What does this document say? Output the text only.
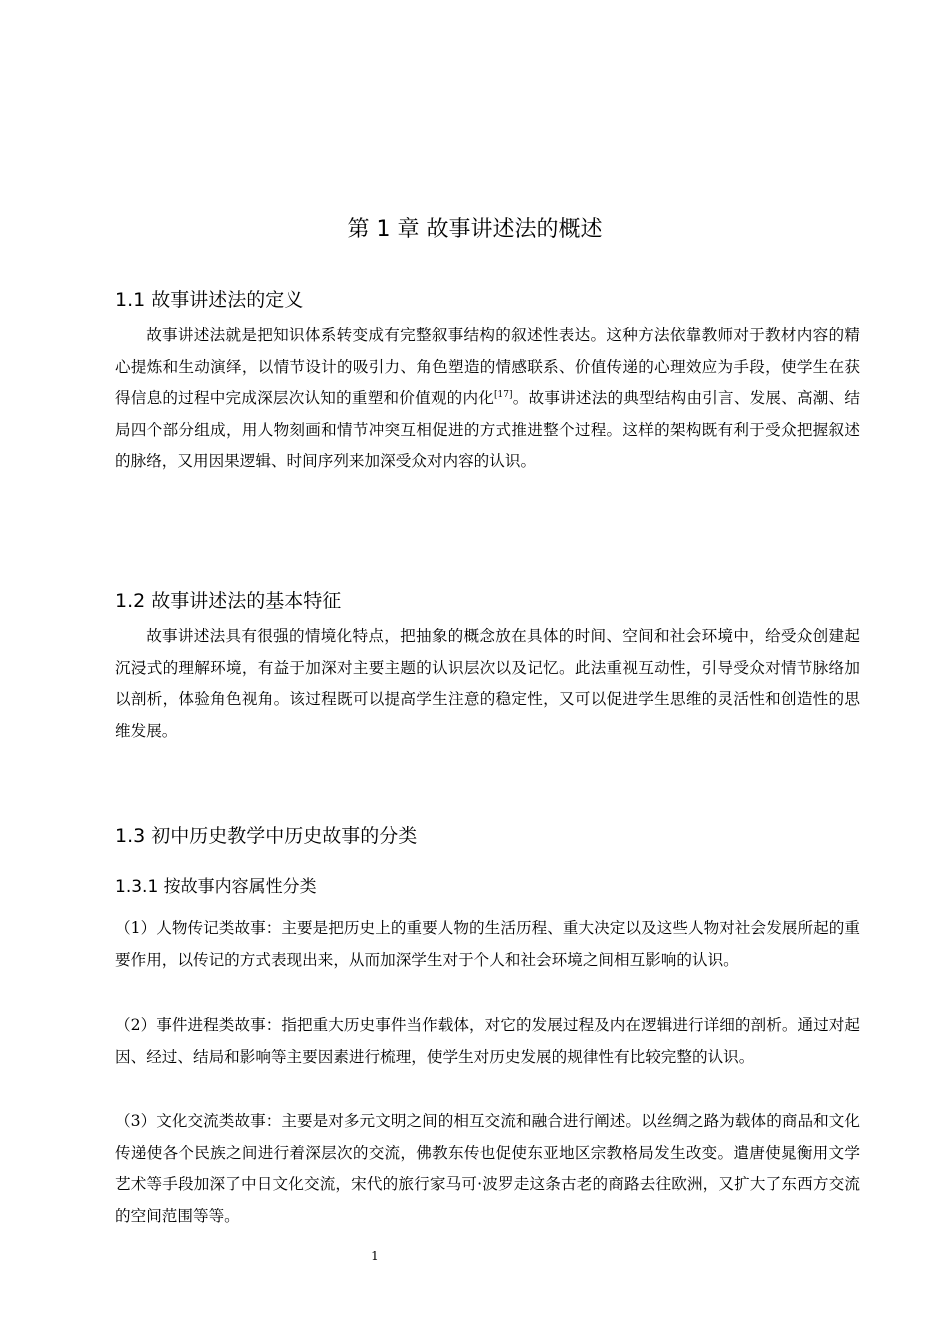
第 1 章 故事讲述法的概述
1.1 故事讲述法的定义

故事讲述法就是把知识体系转变成有完整叙事结构的叙述性表达。这种方法依靠教师对于教材内容的精心提炼和生动演绎，以情节设计的吸引力、角色塑造的情感联系、价值传递的心理效应为手段，使学生在获得信息的过程中完成深层次认知的重塑和价值观的内化[17]。故事讲述法的典型结构由引言、发展、高潮、结局四个部分组成，用人物刻画和情节冲突互相促进的方式推进整个过程。这样的架构既有利于受众把握叙述的脉络，又用因果逻辑、时间序列来加深受众对内容的认识。

1.2 故事讲述法的基本特征

故事讲述法具有很强的情境化特点，把抽象的概念放在具体的时间、空间和社会环境中，给受众创建起沉浸式的理解环境，有益于加深对主要主题的认识层次以及记忆。此法重视互动性，引导受众对情节脉络加以剖析，体验角色视角。该过程既可以提高学生注意的稳定性，又可以促进学生思维的灵活性和创造性的思维发展。

1.3 初中历史教学中历史故事的分类
1.3.1 按故事内容属性分类

（1）人物传记类故事：主要是把历史上的重要人物的生活历程、重大决定以及这些人物对社会发展所起的重要作用，以传记的方式表现出来，从而加深学生对于个人和社会环境之间相互影响的认识。

（2）事件进程类故事：指把重大历史事件当作载体，对它的发展过程及内在逻辑进行详细的剖析。通过对起因、经过、结局和影响等主要因素进行梳理，使学生对历史发展的规律性有比较完整的认识。

（3）文化交流类故事：主要是对多元文明之间的相互交流和融合进行阐述。以丝绸之路为载体的商品和文化传递使各个民族之间进行着深层次的交流，佛教东传也促使东亚地区宗教格局发生改变。遣唐使晁衡用文学艺术等手段加深了中日文化交流，宋代的旅行家马可·波罗走这条古老的商路去往欧洲，又扩大了东西方交流的空间范围等等。

1
